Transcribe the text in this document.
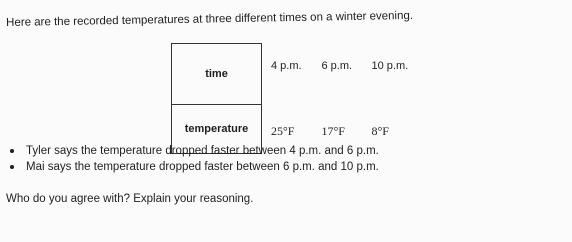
Here are the recorded temperatures at three different times on a winter evening.
time	4 p.m.	6 p.m.	10 p.m.
temperature	25°F	17°F	8°F
Tyler says the temperature dropped faster between 4 p.m. and 6 p.m.
Mai says the temperature dropped faster between 6 p.m. and 10 p.m.
Who do you agree with? Explain your reasoning.
